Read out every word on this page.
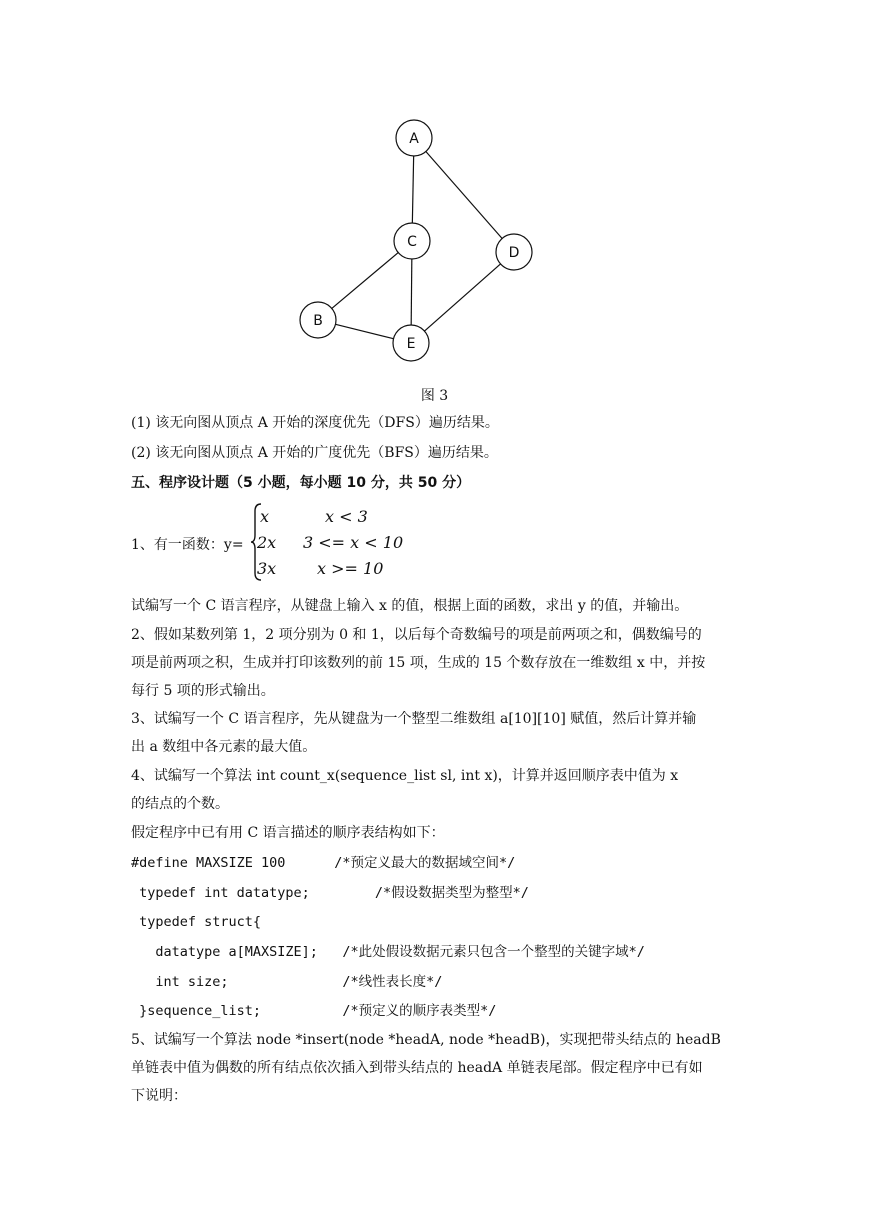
A
C
D
B
E
图 3
(1) 该无向图从顶点 A 开始的深度优先（DFS）遍历结果。
(2) 该无向图从顶点 A 开始的广度优先（BFS）遍历结果。
五、程序设计题（5 小题，每小题 10 分，共 50 分）
1、有一函数：y=
x	x < 3
2x 3 <= x < 10
3x	x >= 10
试编写一个 C 语言程序，从键盘上输入 x 的值，根据上面的函数，求出 y 的值，并输出。
2、假如某数列第 1，2 项分别为 0 和 1，以后每个奇数编号的项是前两项之和，偶数编号的
项是前两项之积，生成并打印该数列的前 15 项，生成的 15 个数存放在一维数组 x 中，并按
每行 5 项的形式输出。
3、试编写一个 C 语言程序，先从键盘为一个整型二维数组 a[10][10] 赋值，然后计算并输
出 a 数组中各元素的最大值。
4、试编写一个算法 int count_x(sequence_list sl, int x)，计算并返回顺序表中值为 x
的结点的个数。
假定程序中已有用 C 语言描述的顺序表结构如下：
#define MAXSIZE 100      /*预定义最大的数据域空间*/
typedef int datatype;        /*假设数据类型为整型*/
typedef struct{
datatype a[MAXSIZE];   /*此处假设数据元素只包含一个整型的关键字域*/
int size;              /*线性表长度*/
}sequence_list;          /*预定义的顺序表类型*/
5、试编写一个算法 node *insert(node *headA, node *headB)，实现把带头结点的 headB
单链表中值为偶数的所有结点依次插入到带头结点的 headA 单链表尾部。假定程序中已有如
下说明：
